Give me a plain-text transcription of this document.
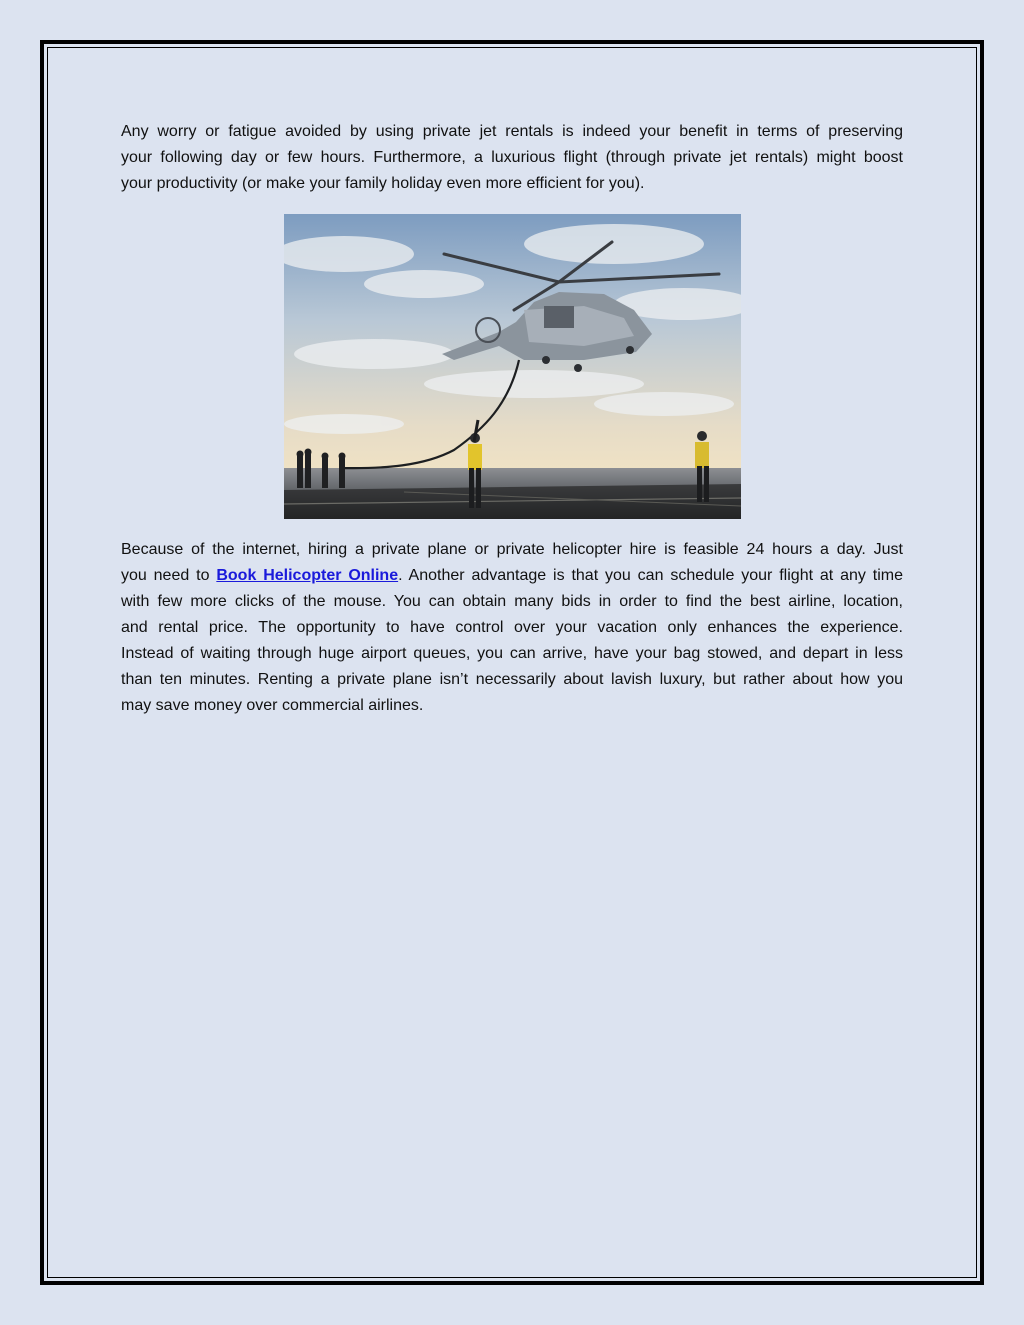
Any worry or fatigue avoided by using private jet rentals is indeed your benefit in terms of preserving
your following day or few hours. Furthermore, a luxurious flight (through private jet rentals) might boost
your productivity (or make your family holiday even more efficient for you).

Because of the internet, hiring a private plane or private helicopter hire is feasible 24 hours a day. Just
you need to Book Helicopter Online. Another advantage is that you can schedule your flight at any time
with few more clicks of the mouse. You can obtain many bids in order to find the best airline, location,
and rental price. The opportunity to have control over your vacation only enhances the experience.
Instead of waiting through huge airport queues, you can arrive, have your bag stowed, and depart in less
than ten minutes. Renting a private plane isn’t necessarily about lavish luxury, but rather about how you
may save money over commercial airlines.
